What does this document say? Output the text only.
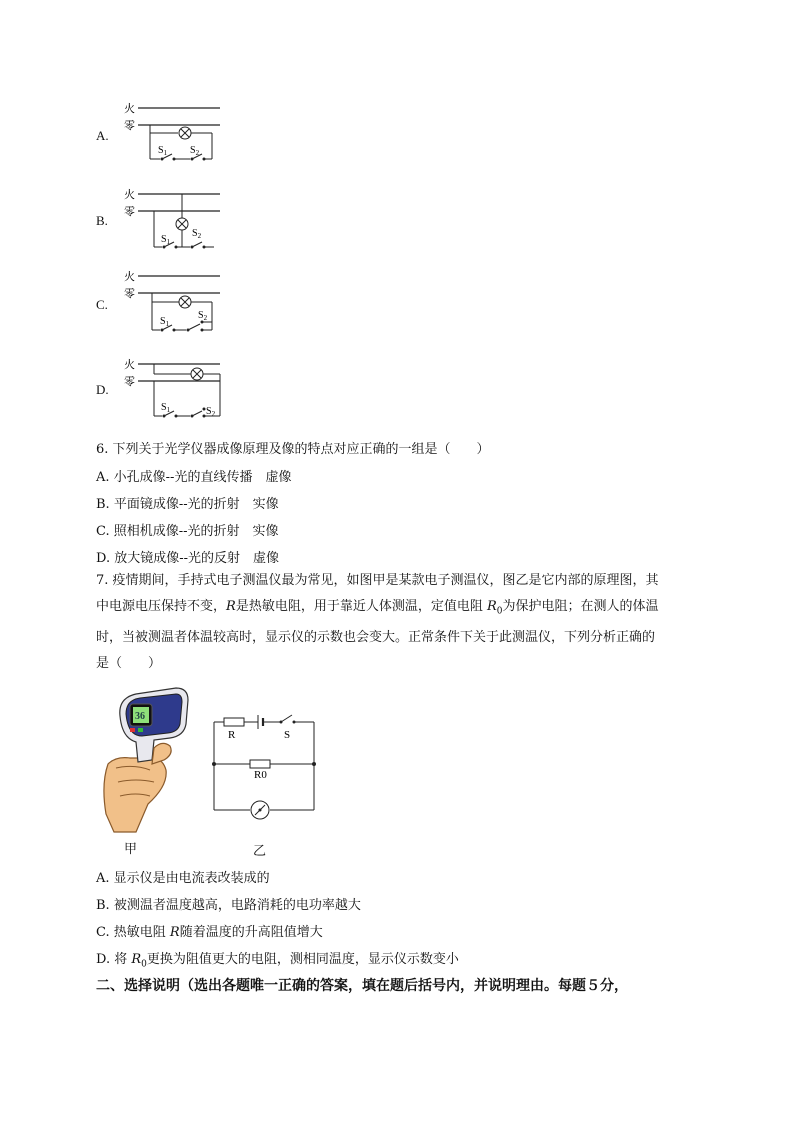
A.
火
零
$S_1$ $S_2$
B.
火
零
$S_1$
$S_2$
C.
火
零
$S_1$
$S_2$
D.
火
零
$S_1$	$S_2$
6. 下列关于光学仪器成像原理及像的特点对应正确的一组是（　　）
A. 小孔成像--光的直线传播　虚像
B. 平面镜成像--光的折射　实像
C. 照相机成像--光的折射　实像
D. 放大镜成像--光的反射　虚像
7. 疫情期间，手持式电子测温仪最为常见，如图甲是某款电子测温仪，图乙是它内部的原理图，其
中电源电压保持不变，R是热敏电阻，用于靠近人体测温，定值电阻 $R_0$为保护电阻；在测人的体温
时，当被测温者体温较高时，显示仪的示数也会变大。正常条件下关于此测温仪，下列分析正确的
是（　　）
36
甲
R	S
R0
乙
A. 显示仪是由电流表改装成的
B. 被测温者温度越高，电路消耗的电功率越大
C. 热敏电阻 R随着温度的升高阻值增大
D. 将 $R_0$更换为阻值更大的电阻，测相同温度，显示仪示数变小
二、选择说明（选出各题唯一正确的答案，填在题后括号内，并说明理由。每题５分，
